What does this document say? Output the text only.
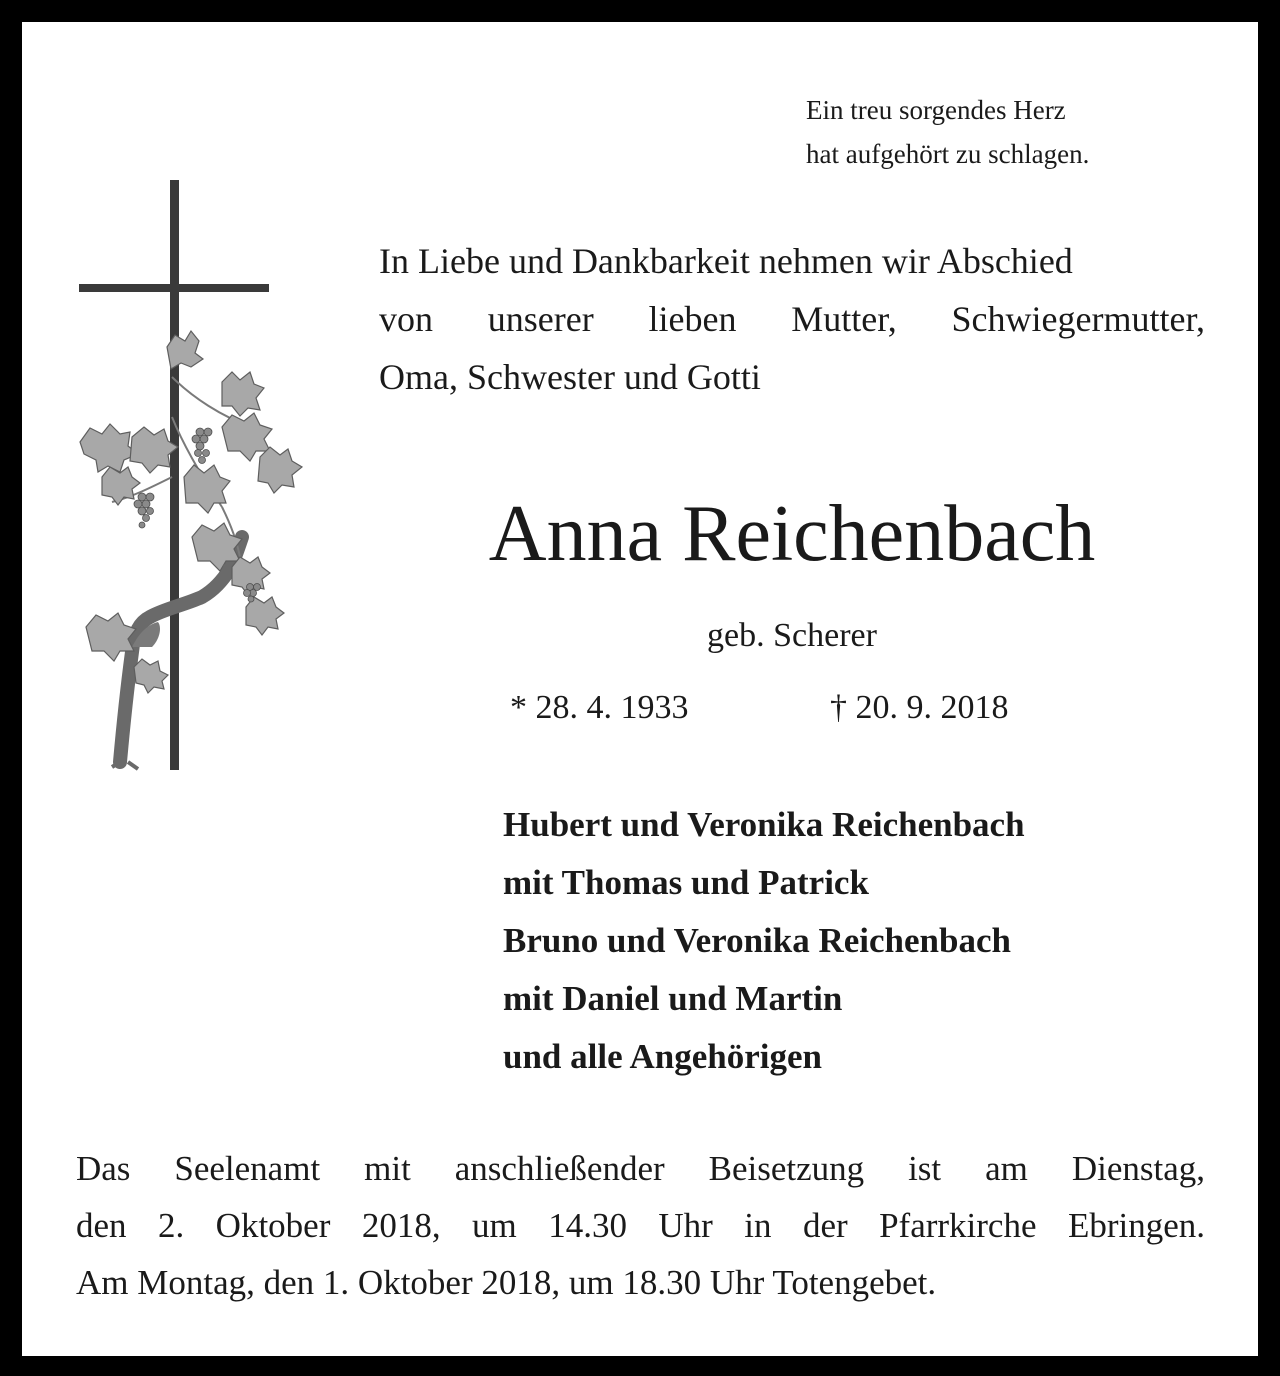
Ein treu sorgendes Herz
hat aufgehört zu schlagen.
In Liebe und Dankbarkeit nehmen wir Abschied
von unserer lieben Mutter, Schwiegermutter,
Oma, Schwester und Gotti
Anna Reichenbach
geb. Scherer
* 28. 4. 1933	† 20. 9. 2018
Hubert und Veronika Reichenbach
mit Thomas und Patrick
Bruno und Veronika Reichenbach
mit Daniel und Martin
und alle Angehörigen
Das Seelenamt mit anschließender Beisetzung ist am Dienstag,
den 2. Oktober 2018, um 14.30 Uhr in der Pfarrkirche Ebringen.
Am Montag, den 1. Oktober 2018, um 18.30 Uhr Totengebet.
